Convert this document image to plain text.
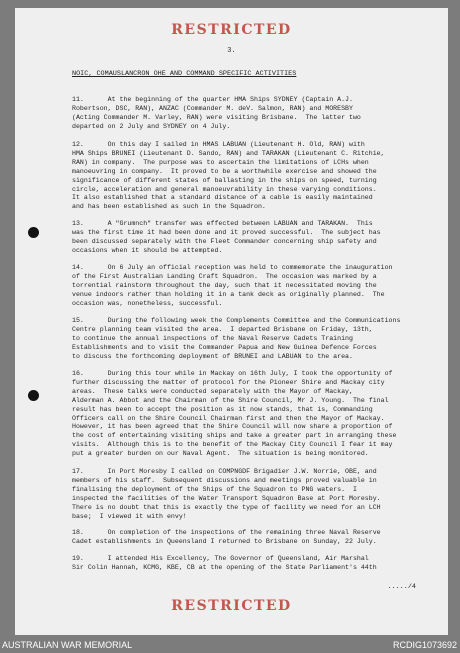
RESTRICTED
3.
NOIC, COMAUSLANCRON OHE AND COMMAND SPECIFIC ACTIVITIES
11.      At the beginning of the quarter HMA Ships SYDNEY (Captain A.J.
Robertson, DSC, RAN), ANZAC (Commander M. deV. Salmon, RAN) and MORESBY
(Acting Commander M. Varley, RAN) were visiting Brisbane.  The latter two
departed on 2 July and SYDNEY on 4 July.
12.      On this day I sailed in HMAS LABUAN (Lieutenant H. Old, RAN) with
HMA Ships BRUNEI (Lieutenant D. Sando, RAN) and TARAKAN (Lieutenant C. Ritchie,
RAN) in company.  The purpose was to ascertain the limitations of LCHs when
manoeuvring in company.  It proved to be a worthwhile exercise and showed the
significance of different states of ballasting in the ships on speed, turning
circle, acceleration and general manoeuvrability in these varying conditions.
It also established that a standard distance of a cable is easily maintained
and has been established as such in the Squadron.
13.      A "Grumnch" transfer was effected between LABUAN and TARAKAN.  This
was the first time it had been done and it proved successful.  The subject has
been discussed separately with the Fleet Commander concerning ship safety and
occasions when it should be attempted.
14.      On 6 July an official reception was held to commemorate the inauguration
of the First Australian Landing Craft Squadron.  The occasion was marked by a
torrential rainstorm throughout the day, such that it necessitated moving the
venue indoors rather than holding it in a tank deck as originally planned.  The
occasion was, nonetheless, successful.
15.      During the following week the Complements Committee and the Communications
Centre planning team visited the area.  I departed Brisbane on Friday, 13th,
to continue the annual inspections of the Naval Reserve Cadets Training
Establishments and to visit the Commander Papua and New Guinea Defence Forces
to discuss the forthcoming deployment of BRUNEI and LABUAN to the area.
16.      During this tour while in Mackay on 16th July, I took the opportunity of
further discussing the matter of protocol for the Pioneer Shire and Mackay city
areas.  These talks were conducted separately with the Mayor of Mackay,
Alderman A. Abbot and the Chairman of the Shire Council, Mr J. Young.  The final
result has been to accept the position as it now stands, that is, Commanding
Officers call on the Shire Council Chairman first and then the Mayor of Mackay.
However, it has been agreed that the Shire Council will now share a proportion of
the cost of entertaining visiting ships and take a greater part in arranging these
visits.  Although this is to the benefit of the Mackay City Council I fear it may
put a greater burden on our Naval Agent.  The situation is being monitored.
17.      In Port Moresby I called on COMPNGDF Brigadier J.W. Norrie, OBE, and
members of his staff.  Subsequent discussions and meetings proved valuable in
finalising the deployment of the Ships of the Squadron to PNG waters.  I
inspected the facilities of the Water Transport Squadron Base at Port Moresby.
There is no doubt that this is exactly the type of facility we need for an LCH
base;  I viewed it with envy!
18.      On completion of the inspections of the remaining three Naval Reserve
Cadet establishments in Queensland I returned to Brisbane on Sunday, 22 July.
19.      I attended His Excellency, The Governor of Queensland, Air Marshal
Sir Colin Hannah, KCMG, KBE, CB at the opening of the State Parliament's 44th
...../4
RESTRICTED
AUSTRALIAN WAR MEMORIAL	RCDIG1073692
